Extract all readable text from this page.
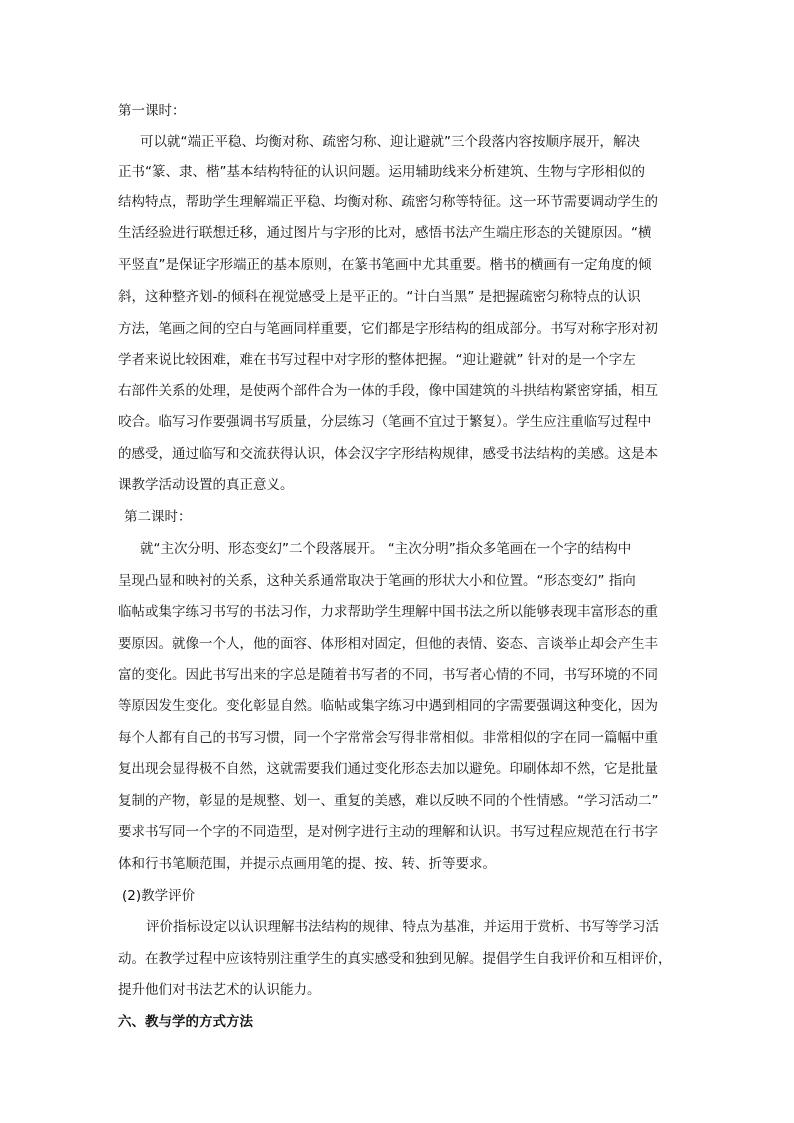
第一课时：
可以就“端正平稳、均衡对称、疏密匀称、迎让避就”三个段落内容按顺序展开，解决
正书“篆、隶、楷”基本结构特征的认识问题。运用辅助线来分析建筑、生物与字形相似的
结构特点，帮助学生理解端正平稳、均衡对称、疏密匀称等特征。这一环节需要调动学生的
生活经验进行联想迁移，通过图片与字形的比对，感悟书法产生端庄形态的关键原因。“横
平竖直”是保证字形端正的基本原则，在篆书笔画中尤其重要。楷书的横画有一定角度的倾
斜，这种整齐划-的倾科在视觉感受上是平正的。“计白当黑” 是把握疏密匀称特点的认识
方法，笔画之间的空白与笔画同样重要，它们都是字形结构的组成部分。书写对称字形对初
学者来说比较困难，难在书写过程中对字形的整体把握。“迎让避就” 针对的是一个字左
右部件关系的处理，是使两个部件合为一体的手段，像中国建筑的斗拱结构紧密穿插，相互
咬合。临写习作要强调书写质量，分层练习（笔画不宜过于繁复）。学生应注重临写过程中
的感受，通过临写和交流获得认识，体会汉字字形结构规律，感受书法结构的美感。这是本
课教学活动设置的真正意义。
第二课时：
就“主次分明、形态变幻”二个段落展开。 “主次分明”指众多笔画在一个字的结构中
呈现凸显和映衬的关系，这种关系通常取决于笔画的形状大小和位置。“形态变幻” 指向
临帖或集字练习书写的书法习作，力求帮助学生理解中国书法之所以能够表现丰富形态的重
要原因。就像一个人，他的面容、体形相对固定，但他的表情、姿态、言谈举止却会产生丰
富的变化。因此书写出来的字总是随着书写者的不同，书写者心情的不同，书写环境的不同
等原因发生变化。变化彰显自然。临帖或集字练习中遇到相同的字需要强调这种变化，因为
每个人都有自己的书写习惯，同一个字常常会写得非常相似。非常相似的字在同一篇幅中重
复出现会显得极不自然，这就需要我们通过变化形态去加以避免。印刷体却不然，它是批量
复制的产物，彰显的是规整、划一、重复的美感，难以反映不同的个性情感。“学习活动二”
要求书写同一个字的不同造型，是对例字进行主动的理解和认识。书写过程应规范在行书字
体和行书笔顺范围，并提示点画用笔的提、按、转、折等要求。
(2)教学评价
评价指标设定以认识理解书法结构的规律、特点为基准，并运用于赏析、书写等学习活
动。在教学过程中应该特别注重学生的真实感受和独到见解。提倡学生自我评价和互相评价，
提升他们对书法艺术的认识能力。
六、教与学的方式方法
